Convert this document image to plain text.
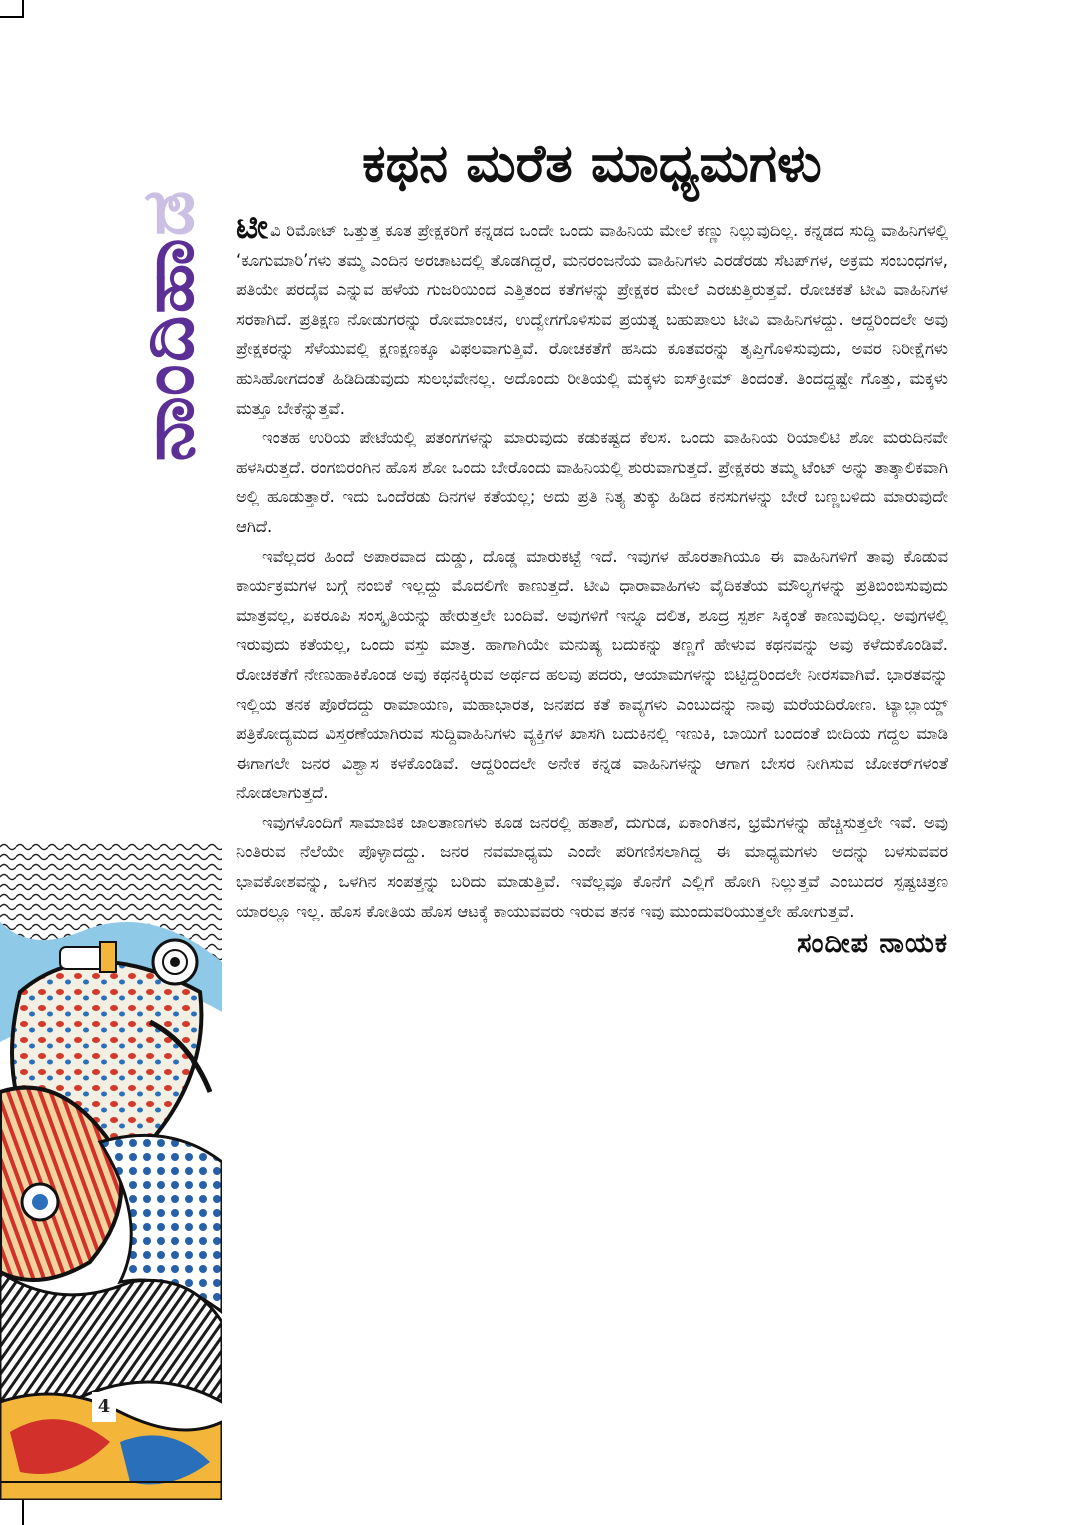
ನಾಂದಿಹಾಡ
4
ಕಥನ ಮರೆತ ಮಾಧ್ಯಮಗಳು

ಟೀವಿ ರಿಮೋಟ್ ಒತ್ತುತ್ತ ಕೂತ ಪ್ರೇಕ್ಷಕರಿಗೆ ಕನ್ನಡದ ಒಂದೇ ಒಂದು ವಾಹಿನಿಯ ಮೇಲೆ ಕಣ್ಣು ನಿಲ್ಲುವುದಿಲ್ಲ. ಕನ್ನಡದ ಸುದ್ದಿ ವಾಹಿನಿಗಳಲ್ಲಿ ‘ಕೂಗುಮಾರಿ’ಗಳು ತಮ್ಮ ಎಂದಿನ ಅರಚಾಟದಲ್ಲಿ ತೊಡಗಿದ್ದರೆ, ಮನರಂಜನೆಯ ವಾಹಿನಿಗಳು ಎರಡೆರಡು ಸೆಟಪ್‌ಗಳ, ಅಕ್ರಮ ಸಂಬಂಧಗಳ, ಪತಿಯೇ ಪರದೈವ ಎನ್ನುವ ಹಳೆಯ ಗುಜರಿಯಿಂದ ಎತ್ತಿತಂದ ಕತೆಗಳನ್ನು ಪ್ರೇಕ್ಷಕರ ಮೇಲೆ ಎರಚುತ್ತಿರುತ್ತವೆ. ರೋಚಕತೆ ಟೀವಿ ವಾಹಿನಿಗಳ ಸರಕಾಗಿದೆ. ಪ್ರತಿಕ್ಷಣ ನೋಡುಗರನ್ನು ರೋಮಾಂಚನ, ಉದ್ವೇಗಗೊಳಿಸುವ ಪ್ರಯತ್ನ ಬಹುಪಾಲು ಟೀವಿ ವಾಹಿನಿಗಳದ್ದು. ಆದ್ದರಿಂದಲೇ ಅವು ಪ್ರೇಕ್ಷಕರನ್ನು ಸೆಳೆಯುವಲ್ಲಿ ಕ್ಷಣಕ್ಷಣಕ್ಕೂ ವಿಫಲವಾಗುತ್ತಿವೆ. ರೋಚಕತೆಗೆ ಹಸಿದು ಕೂತವರನ್ನು ತೃಪ್ತಿಗೊಳಿಸುವುದು, ಅವರ ನಿರೀಕ್ಷೆಗಳು ಹುಸಿಹೋಗದಂತೆ ಹಿಡಿದಿಡುವುದು ಸುಲಭವೇನಲ್ಲ. ಅದೊಂದು ರೀತಿಯಲ್ಲಿ ಮಕ್ಕಳು ಐಸ್‌ಕ್ರೀಮ್ ತಿಂದಂತೆ. ತಿಂದದ್ದಷ್ಟೇ ಗೊತ್ತು, ಮಕ್ಕಳು ಮತ್ತೂ ಬೇಕೆನ್ನುತ್ತವೆ.

ಇಂತಹ ಉರಿಯ ಪೇಟೆಯಲ್ಲಿ ಪತಂಗಗಳನ್ನು ಮಾರುವುದು ಕಡುಕಷ್ಟದ ಕೆಲಸ. ಒಂದು ವಾಹಿನಿಯ ರಿಯಾಲಿಟಿ ಶೋ ಮರುದಿನವೇ ಹಳಸಿರುತ್ತದೆ. ರಂಗಬಿರಂಗಿನ ಹೊಸ ಶೋ ಒಂದು ಬೇರೊಂದು ವಾಹಿನಿಯಲ್ಲಿ ಶುರುವಾಗುತ್ತದೆ. ಪ್ರೇಕ್ಷಕರು ತಮ್ಮ ಟೆಂಟ್ ಅನ್ನು ತಾತ್ಕಾಲಿಕವಾಗಿ ಅಲ್ಲಿ ಹೂಡುತ್ತಾರೆ. ಇದು ಒಂದೆರಡು ದಿನಗಳ ಕತೆಯಲ್ಲ; ಅದು ಪ್ರತಿ ನಿತ್ಯ ತುಕ್ಕು ಹಿಡಿದ ಕನಸುಗಳನ್ನು ಬೇರೆ ಬಣ್ಣಬಳಿದು ಮಾರುವುದೇ ಆಗಿದೆ.

ಇವೆಲ್ಲದರ ಹಿಂದೆ ಅಪಾರವಾದ ದುಡ್ಡು, ದೊಡ್ಡ ಮಾರುಕಟ್ಟೆ ಇದೆ. ಇವುಗಳ ಹೊರತಾಗಿಯೂ ಈ ವಾಹಿನಿಗಳಿಗೆ ತಾವು ಕೊಡುವ ಕಾರ್ಯಕ್ರಮಗಳ ಬಗ್ಗೆ ನಂಬಿಕೆ ಇಲ್ಲದ್ದು ಮೊದಲಿಗೇ ಕಾಣುತ್ತದೆ. ಟೀವಿ ಧಾರಾವಾಹಿಗಳು ವೈದಿಕತೆಯ ಮೌಲ್ಯಗಳನ್ನು ಪ್ರತಿಬಿಂಬಿಸುವುದು ಮಾತ್ರವಲ್ಲ, ಏಕರೂಪಿ ಸಂಸ್ಕೃತಿಯನ್ನು ಹೇರುತ್ತಲೇ ಬಂದಿವೆ. ಅವುಗಳಿಗೆ ಇನ್ನೂ ದಲಿತ, ಶೂದ್ರ ಸ್ಪರ್ಶ ಸಿಕ್ಕಂತೆ ಕಾಣುವುದಿಲ್ಲ. ಅವುಗಳಲ್ಲಿ ಇರುವುದು ಕತೆಯಲ್ಲ, ಒಂದು ವಸ್ತು ಮಾತ್ರ. ಹಾಗಾಗಿಯೇ ಮನುಷ್ಯ ಬದುಕನ್ನು ತಣ್ಣಗೆ ಹೇಳುವ ಕಥನವನ್ನು ಅವು ಕಳೆದುಕೊಂಡಿವೆ. ರೋಚಕತೆಗೆ ನೇಣುಹಾಕಿಕೊಂಡ ಅವು ಕಥನಕ್ಕಿರುವ ಅರ್ಥದ ಹಲವು ಪದರು, ಆಯಾಮಗಳನ್ನು ಬಿಟ್ಟಿದ್ದರಿಂದಲೇ ನೀರಸವಾಗಿವೆ. ಭಾರತವನ್ನು ಇಲ್ಲಿಯ ತನಕ ಪೊರೆದದ್ದು ರಾಮಾಯಣ, ಮಹಾಭಾರತ, ಜನಪದ ಕತೆ ಕಾವ್ಯಗಳು ಎಂಬುದನ್ನು ನಾವು ಮರೆಯದಿರೋಣ. ಟ್ಯಾಬ್ಲಾಯ್ಡ್ ಪತ್ರಿಕೋದ್ಯಮದ ವಿಸ್ತರಣೆಯಾಗಿರುವ ಸುದ್ದಿವಾಹಿನಿಗಳು ವ್ಯಕ್ತಿಗಳ ಖಾಸಗಿ ಬದುಕಿನಲ್ಲಿ ಇಣುಕಿ, ಬಾಯಿಗೆ ಬಂದಂತೆ ಬೀದಿಯ ಗದ್ದಲ ಮಾಡಿ ಈಗಾಗಲೇ ಜನರ ವಿಶ್ವಾಸ ಕಳಕೊಂಡಿವೆ. ಆದ್ದರಿಂದಲೇ ಅನೇಕ ಕನ್ನಡ ವಾಹಿನಿಗಳನ್ನು ಆಗಾಗ ಬೇಸರ ನೀಗಿಸುವ ಜೋಕರ್‌ಗಳಂತೆ ನೋಡಲಾಗುತ್ತದೆ.

ಇವುಗಳೊಂದಿಗೆ ಸಾಮಾಜಿಕ ಜಾಲತಾಣಗಳು ಕೂಡ ಜನರಲ್ಲಿ ಹತಾಶೆ, ದುಗುಡ, ಏಕಾಂಗಿತನ, ಭ್ರಮೆಗಳನ್ನು ಹೆಚ್ಚಿಸುತ್ತಲೇ ಇವೆ. ಅವು ನಿಂತಿರುವ ನೆಲೆಯೇ ಪೊಳ್ಳಾದದ್ದು. ಜನರ ನವಮಾಧ್ಯಮ ಎಂದೇ ಪರಿಗಣಿಸಲಾಗಿದ್ದ ಈ ಮಾಧ್ಯಮಗಳು ಅದನ್ನು ಬಳಸುವವರ ಭಾವಕೋಶವನ್ನು, ಒಳಗಿನ ಸಂಪತ್ತನ್ನು ಬರಿದು ಮಾಡುತ್ತಿವೆ. ಇವೆಲ್ಲವೂ ಕೊನೆಗೆ ಎಲ್ಲಿಗೆ ಹೋಗಿ ನಿಲ್ಲುತ್ತವೆ ಎಂಬುದರ ಸ್ಪಷ್ಟಚಿತ್ರಣ ಯಾರಲ್ಲೂ ಇಲ್ಲ. ಹೊಸ ಕೋತಿಯ ಹೊಸ ಆಟಕ್ಕೆ ಕಾಯುವವರು ಇರುವ ತನಕ ಇವು ಮುಂದುವರಿಯುತ್ತಲೇ ಹೋಗುತ್ತವೆ.

ಸಂದೀಪ ನಾಯಕ
